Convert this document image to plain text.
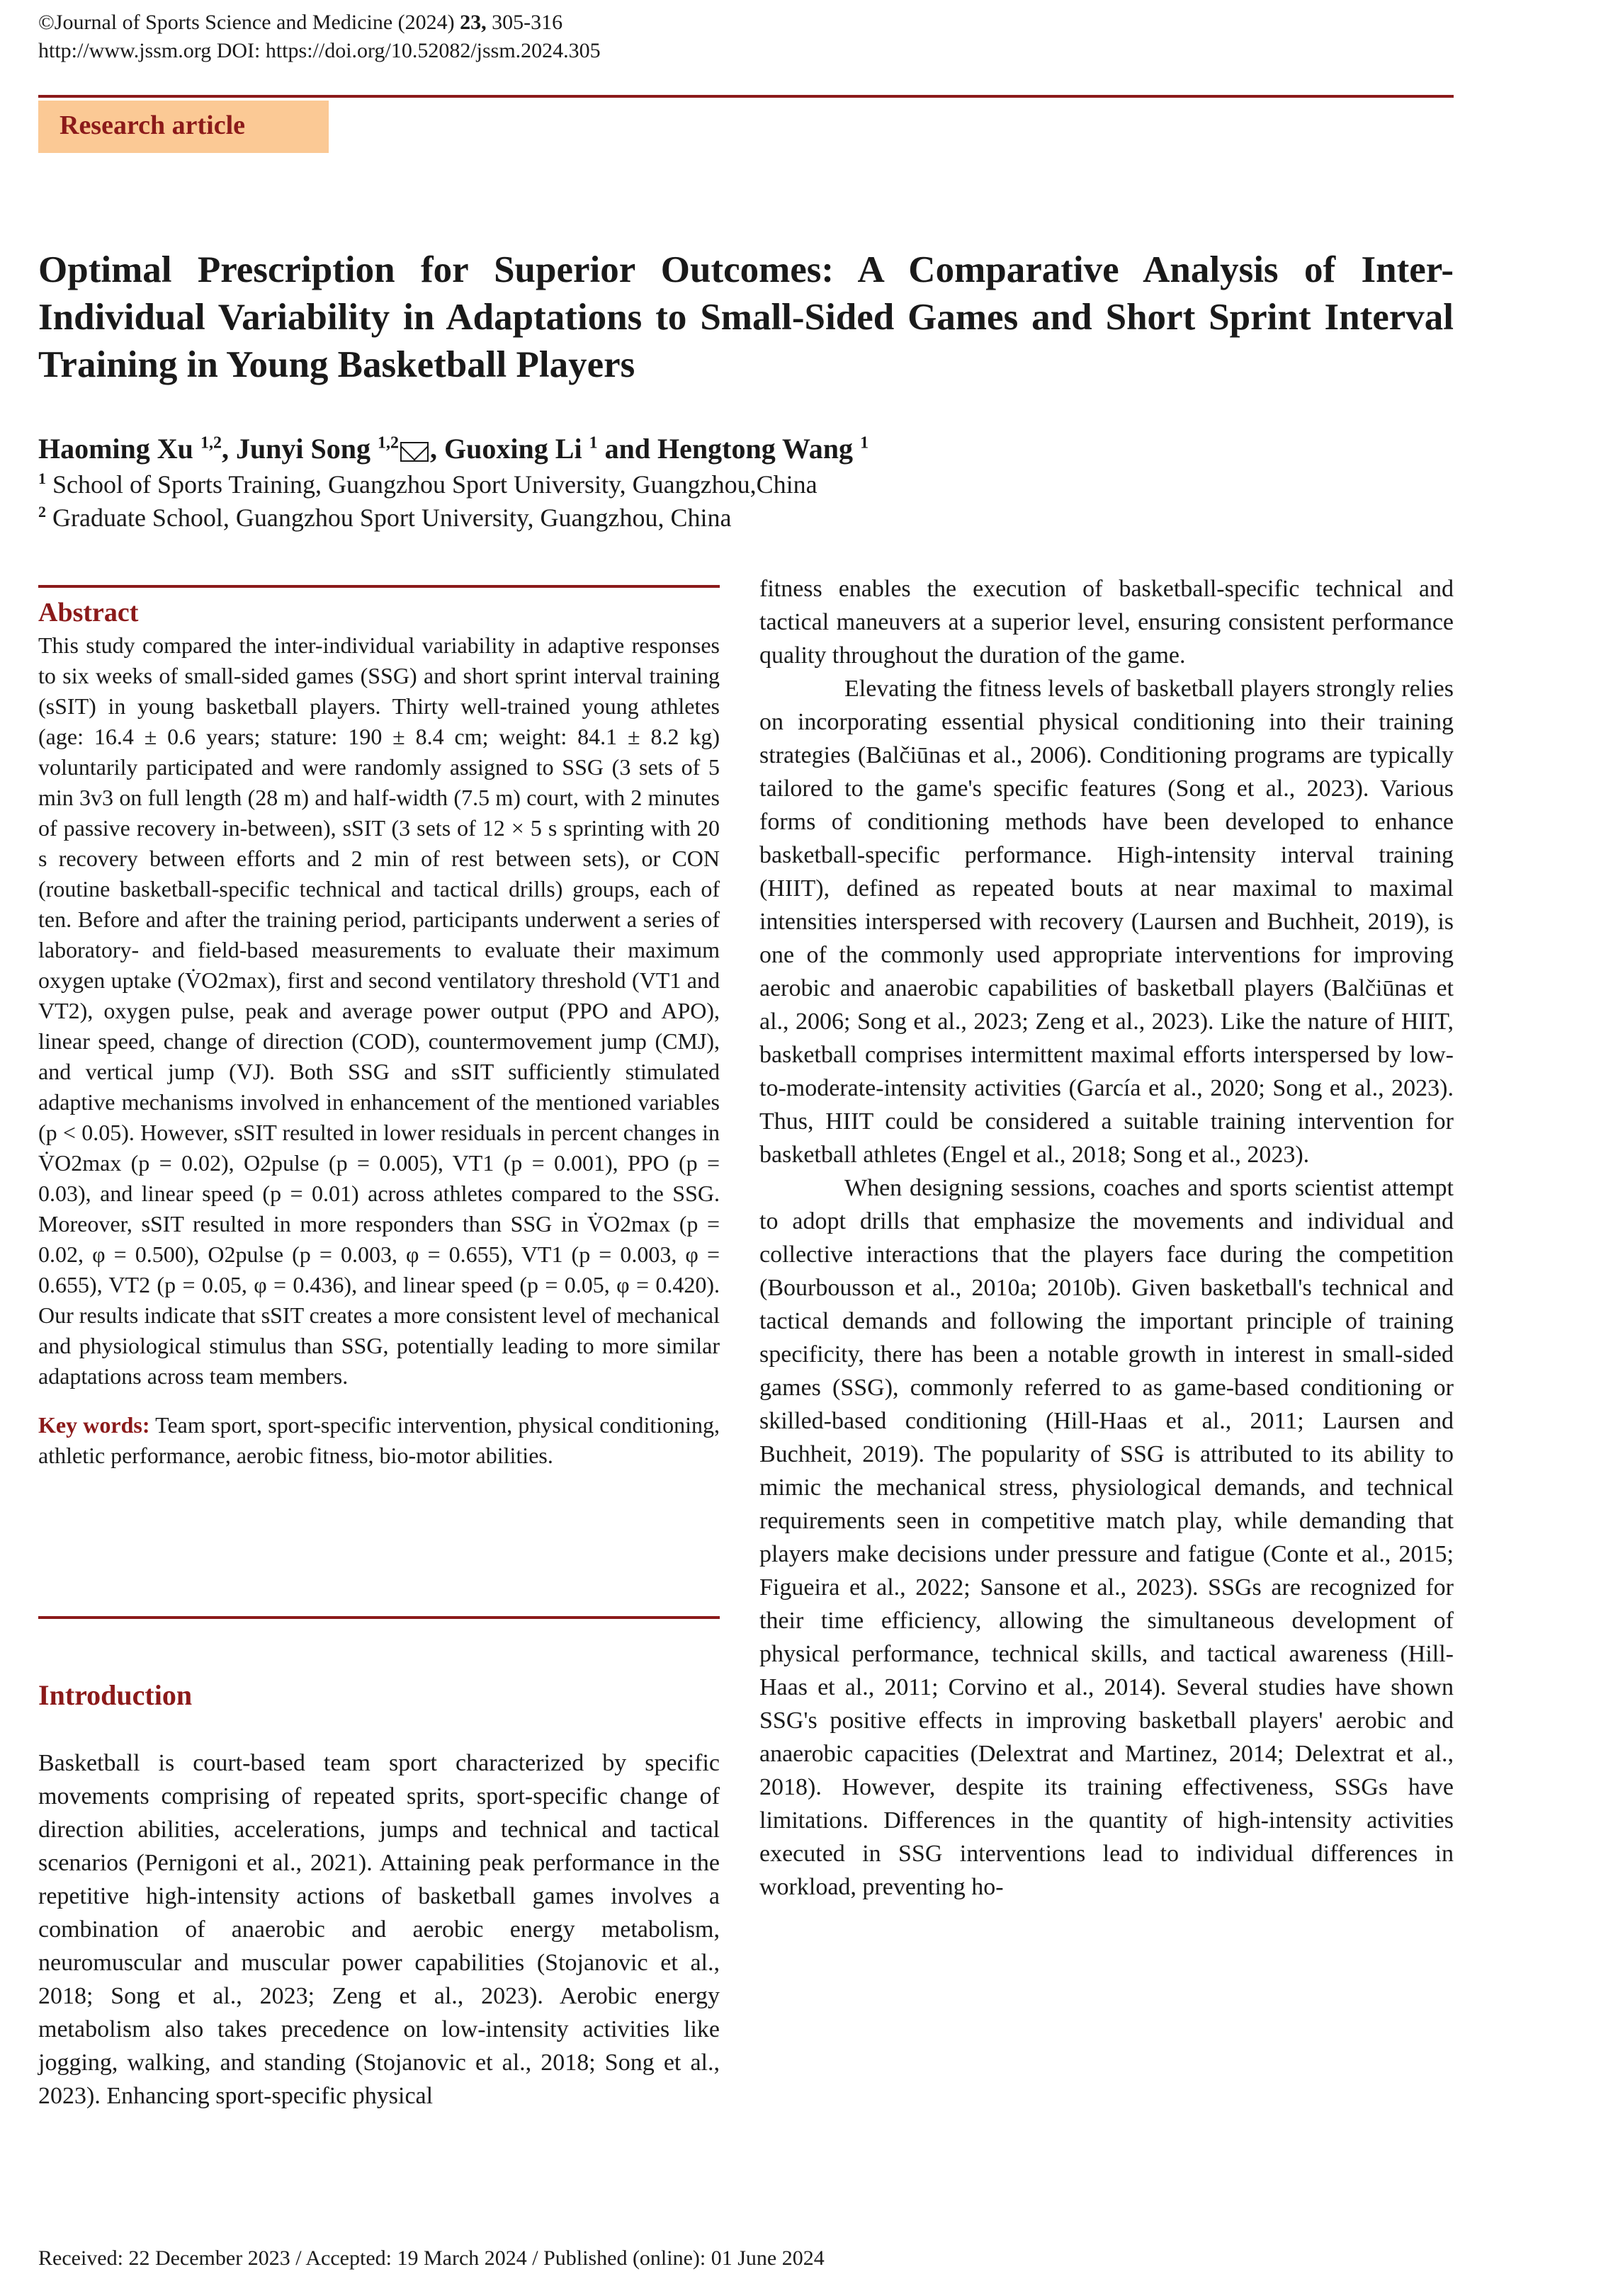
©Journal of Sports Science and Medicine (2024) 23, 305-316
http://www.jssm.org DOI: https://doi.org/10.52082/jssm.2024.305
Research article
Optimal Prescription for Superior Outcomes: A Comparative Analysis of Inter-Individual Variability in Adaptations to Small-Sided Games and Short Sprint Interval Training in Young Basketball Players
Haoming Xu $^{1,2}$, Junyi Song $^{1,2}$ , Guoxing Li $^1$ and Hengtong Wang $^1$
$^1$ School of Sports Training, Guangzhou Sport University, Guangzhou,China
$^2$ Graduate School, Guangzhou Sport University, Guangzhou, China
Abstract

This study compared the inter-individual variability in adaptive responses to six weeks of small-sided games (SSG) and short sprint interval training (sSIT) in young basketball players. Thirty well-trained young athletes (age: 16.4 ± 0.6 years; stature: 190 ± 8.4 cm; weight: 84.1 ± 8.2 kg) voluntarily participated and were randomly assigned to SSG (3 sets of 5 min 3v3 on full length (28 m) and half-width (7.5 m) court, with 2 minutes of passive recovery in-between), sSIT (3 sets of 12 × 5 s sprinting with 20 s recovery between efforts and 2 min of rest between sets), or CON (routine basketball-specific technical and tactical drills) groups, each of ten. Before and after the training period, participants underwent a series of laboratory- and field-based measurements to evaluate their maximum oxygen uptake (V̇O2max), first and second ventilatory threshold (VT1 and VT2), oxygen pulse, peak and average power output (PPO and APO), linear speed, change of direction (COD), countermovement jump (CMJ), and vertical jump (VJ). Both SSG and sSIT sufficiently stimulated adaptive mechanisms involved in enhancement of the mentioned variables (p < 0.05). However, sSIT resulted in lower residuals in percent changes in V̇O2max (p = 0.02), O2pulse (p = 0.005), VT1 (p = 0.001), PPO (p = 0.03), and linear speed (p = 0.01) across athletes compared to the SSG. Moreover, sSIT resulted in more responders than SSG in V̇O2max (p = 0.02, φ = 0.500), O2pulse (p = 0.003, φ = 0.655), VT1 (p = 0.003, φ = 0.655), VT2 (p = 0.05, φ = 0.436), and linear speed (p = 0.05, φ = 0.420). Our results indicate that sSIT creates a more consistent level of mechanical and physiological stimulus than SSG, potentially leading to more similar adaptations across team members.

Key words: Team sport, sport-specific intervention, physical conditioning, athletic performance, aerobic fitness, bio-motor abilities.

Introduction

Basketball is court-based team sport characterized by specific movements comprising of repeated sprits, sport-specific change of direction abilities, accelerations, jumps and technical and tactical scenarios (Pernigoni et al., 2021). Attaining peak performance in the repetitive high-intensity actions of basketball games involves a combination of anaerobic and aerobic energy metabolism, neuromuscular and muscular power capabilities (Stojanovic et al., 2018; Song et al., 2023; Zeng et al., 2023). Aerobic energy metabolism also takes precedence on low-intensity activities like jogging, walking, and standing (Stojanovic et al., 2018; Song et al., 2023). Enhancing sport-specific physical

fitness enables the execution of basketball-specific technical and tactical maneuvers at a superior level, ensuring consistent performance quality throughout the duration of the game.

Elevating the fitness levels of basketball players strongly relies on incorporating essential physical conditioning into their training strategies (Balčiūnas et al., 2006). Conditioning programs are typically tailored to the game's specific features (Song et al., 2023). Various forms of conditioning methods have been developed to enhance basketball-specific performance. High-intensity interval training (HIIT), defined as repeated bouts at near maximal to maximal intensities interspersed with recovery (Laursen and Buchheit, 2019), is one of the commonly used appropriate interventions for improving aerobic and anaerobic capabilities of basketball players (Balčiūnas et al., 2006; Song et al., 2023; Zeng et al., 2023). Like the nature of HIIT, basketball comprises intermittent maximal efforts interspersed by low-to-moderate-intensity activities (García et al., 2020; Song et al., 2023). Thus, HIIT could be considered a suitable training intervention for basketball athletes (Engel et al., 2018; Song et al., 2023).

When designing sessions, coaches and sports scientist attempt to adopt drills that emphasize the movements and individual and collective interactions that the players face during the competition (Bourbousson et al., 2010a; 2010b). Given basketball's technical and tactical demands and following the important principle of training specificity, there has been a notable growth in interest in small-sided games (SSG), commonly referred to as game-based conditioning or skilled-based conditioning (Hill-Haas et al., 2011; Laursen and Buchheit, 2019). The popularity of SSG is attributed to its ability to mimic the mechanical stress, physiological demands, and technical requirements seen in competitive match play, while demanding that players make decisions under pressure and fatigue (Conte et al., 2015; Figueira et al., 2022; Sansone et al., 2023). SSGs are recognized for their time efficiency, allowing the simultaneous development of physical performance, technical skills, and tactical awareness (Hill-Haas et al., 2011; Corvino et al., 2014). Several studies have shown SSG's positive effects in improving basketball players' aerobic and anaerobic capacities (Delextrat and Martinez, 2014; Delextrat et al., 2018). However, despite its training effectiveness, SSGs have limitations. Differences in the quantity of high-intensity activities executed in SSG interventions lead to individual differences in workload, preventing ho-

Received: 22 December 2023 / Accepted: 19 March 2024 / Published (online): 01 June 2024
